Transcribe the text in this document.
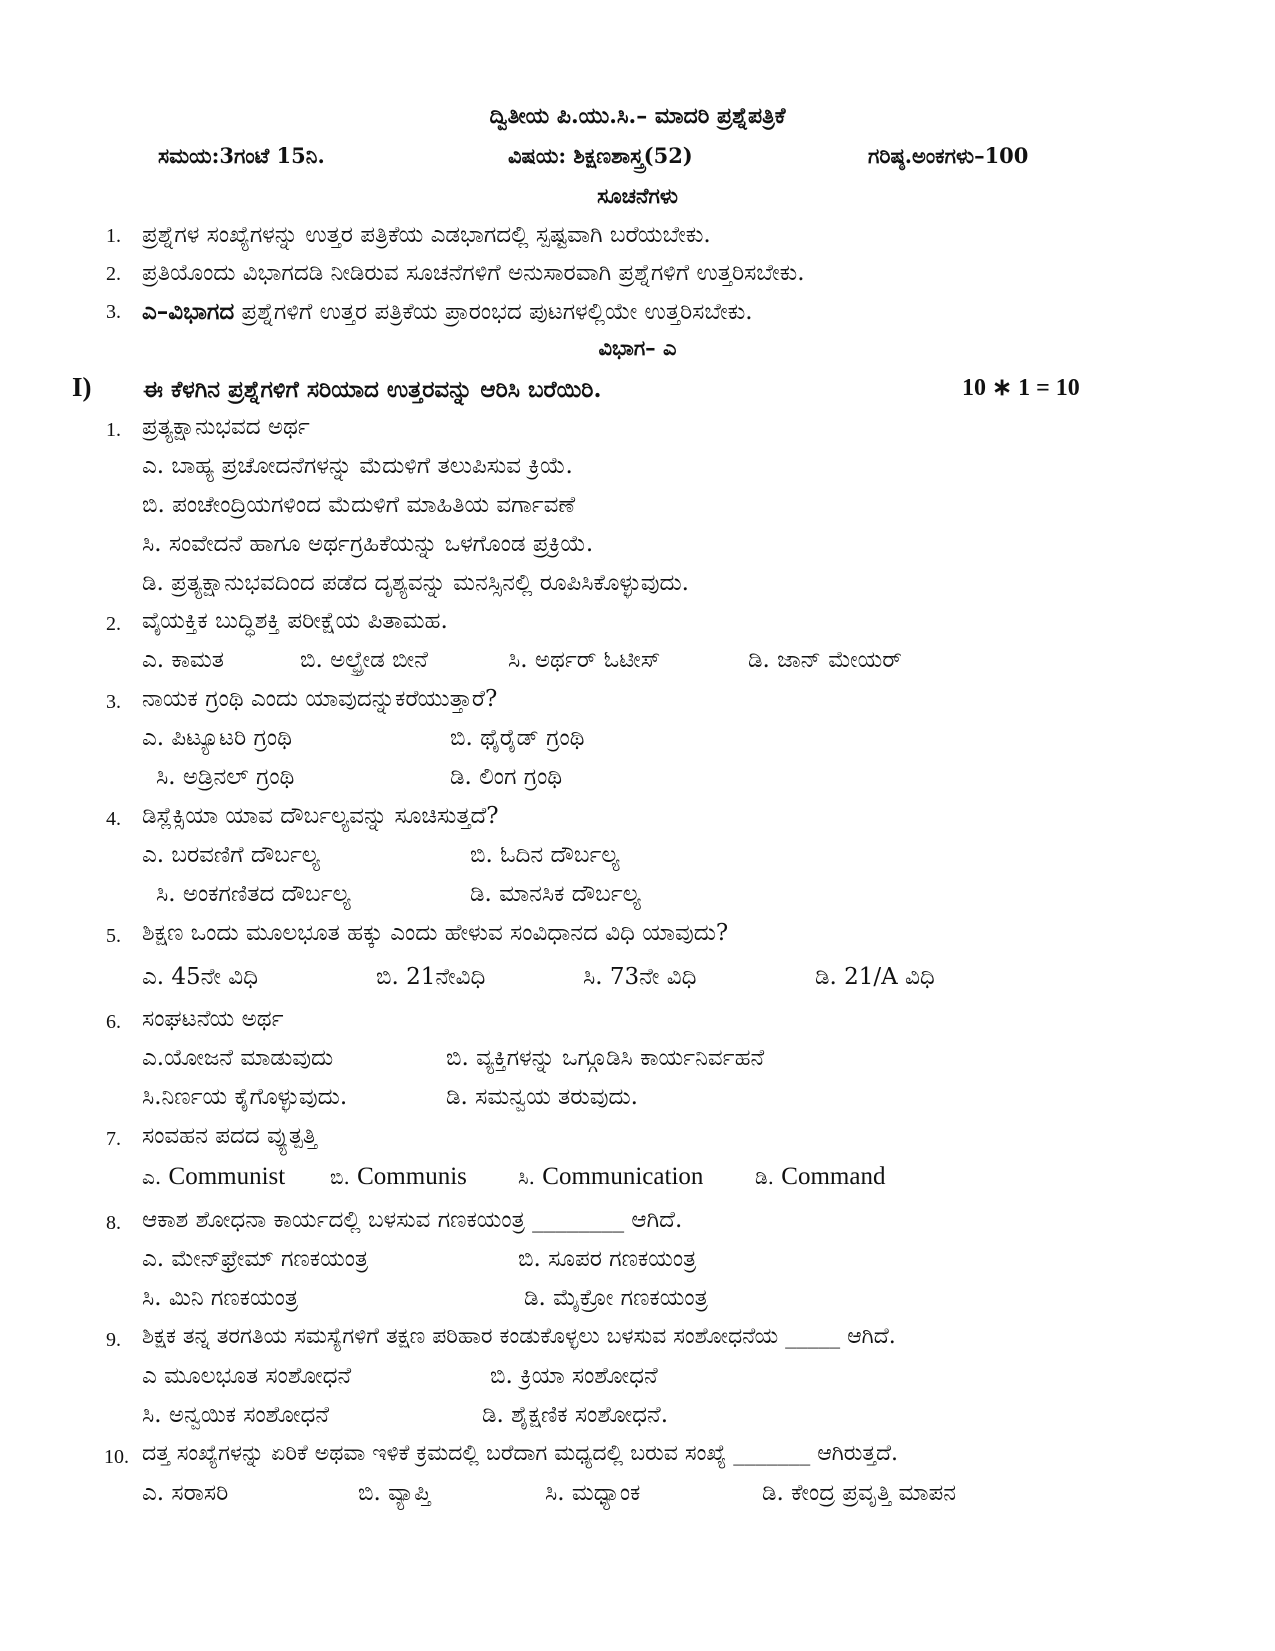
ದ್ವಿತೀಯ ಪಿ.ಯು.ಸಿ.– ಮಾದರಿ ಪ್ರಶ್ನೆಪತ್ರಿಕೆ
ಸಮಯ:3ಗಂಟೆ 15ನಿ.	ವಿಷಯ: ಶಿಕ್ಷಣಶಾಸ್ತ್ರ(52)	ಗರಿಷ್ಠ.ಅಂಕಗಳು–100
ಸೂಚನೆಗಳು
1. ಪ್ರಶ್ನೆಗಳ ಸಂಖ್ಯೆಗಳನ್ನು ಉತ್ತರ ಪತ್ರಿಕೆಯ ಎಡಭಾಗದಲ್ಲಿ ಸ್ಪಷ್ಟವಾಗಿ ಬರೆಯಬೇಕು.
2. ಪ್ರತಿಯೊಂದು ವಿಭಾಗದಡಿ ನೀಡಿರುವ ಸೂಚನೆಗಳಿಗೆ ಅನುಸಾರವಾಗಿ ಪ್ರಶ್ನೆಗಳಿಗೆ ಉತ್ತರಿಸಬೇಕು.
3. ಎ–ವಿಭಾಗದ ಪ್ರಶ್ನೆಗಳಿಗೆ ಉತ್ತರ ಪತ್ರಿಕೆಯ ಪ್ರಾರಂಭದ ಪುಟಗಳಲ್ಲಿಯೇ ಉತ್ತರಿಸಬೇಕು.
ವಿಭಾಗ– ಎ
I) ಈ ಕೆಳಗಿನ ಪ್ರಶ್ನೆಗಳಿಗೆ ಸರಿಯಾದ ಉತ್ತರವನ್ನು ಆರಿಸಿ ಬರೆಯಿರಿ.	10 ∗ 1 = 10
1. ಪ್ರತ್ಯಕ್ಷಾನುಭವದ ಅರ್ಥ
ಎ. ಬಾಹ್ಯ ಪ್ರಚೋದನೆಗಳನ್ನು ಮೆದುಳಿಗೆ ತಲುಪಿಸುವ ಕ್ರಿಯೆ.
ಬಿ. ಪಂಚೇಂದ್ರಿಯಗಳಿಂದ ಮೆದುಳಿಗೆ ಮಾಹಿತಿಯ ವರ್ಗಾವಣೆ
ಸಿ. ಸಂವೇದನೆ ಹಾಗೂ ಅರ್ಥಗ್ರಹಿಕೆಯನ್ನು ಒಳಗೊಂಡ ಪ್ರಕ್ರಿಯೆ.
ಡಿ. ಪ್ರತ್ಯಕ್ಷಾನುಭವದಿಂದ ಪಡೆದ ದೃಶ್ಯವನ್ನು ಮನಸ್ಸಿನಲ್ಲಿ ರೂಪಿಸಿಕೊಳ್ಳುವುದು.
2. ವೈಯಕ್ತಿಕ ಬುದ್ಧಿಶಕ್ತಿ ಪರೀಕ್ಷೆಯ ಪಿತಾಮಹ.
ಎ. ಕಾಮತ	ಬಿ. ಅಲ್ಫ್ರೇಡ ಬೀನೆ	ಸಿ. ಅರ್ಥರ್ ಓಟೀಸ್	ಡಿ. ಜಾನ್ ಮೇಯರ್
3. ನಾಯಕ ಗ್ರಂಥಿ ಎಂದು ಯಾವುದನ್ನುಕರೆಯುತ್ತಾರೆ?
ಎ. ಪಿಟ್ಯೂಟರಿ ಗ್ರಂಥಿ	ಬಿ. ಥೈರೈಡ್ ಗ್ರಂಥಿ
ಸಿ. ಅಡ್ರಿನಲ್ ಗ್ರಂಥಿ	ಡಿ. ಲಿಂಗ ಗ್ರಂಥಿ
4. ಡಿಸ್ಲೆಕ್ಸಿಯಾ ಯಾವ ದೌರ್ಬಲ್ಯವನ್ನು ಸೂಚಿಸುತ್ತದೆ?
ಎ. ಬರವಣಿಗೆ ದೌರ್ಬಲ್ಯ	ಬಿ. ಓದಿನ ದೌರ್ಬಲ್ಯ
ಸಿ. ಅಂಕಗಣಿತದ ದೌರ್ಬಲ್ಯ	ಡಿ. ಮಾನಸಿಕ ದೌರ್ಬಲ್ಯ
5. ಶಿಕ್ಷಣ ಒಂದು ಮೂಲಭೂತ ಹಕ್ಕು ಎಂದು ಹೇಳುವ ಸಂವಿಧಾನದ ವಿಧಿ ಯಾವುದು?
ಎ. 45ನೇ ವಿಧಿ	ಬಿ. 21ನೇವಿಧಿ	ಸಿ. 73ನೇ ವಿಧಿ	ಡಿ. 21/A ವಿಧಿ
6. ಸಂಘಟನೆಯ ಅರ್ಥ
ಎ.ಯೋಜನೆ ಮಾಡುವುದು	ಬಿ. ವ್ಯಕ್ತಿಗಳನ್ನು ಒಗ್ಗೂಡಿಸಿ ಕಾರ್ಯನಿರ್ವಹನೆ
ಸಿ.ನಿರ್ಣಯ ಕೈಗೊಳ್ಳುವುದು.	ಡಿ. ಸಮನ್ವಯ ತರುವುದು.
7. ಸಂವಹನ ಪದದ ವ್ಯುತ್ಪತ್ತಿ
ಎ. Communist ಬಿ. Communis	ಸಿ. Communication	ಡಿ. Command
8. ಆಕಾಶ ಶೋಧನಾ ಕಾರ್ಯದಲ್ಲಿ ಬಳಸುವ ಗಣಕಯಂತ್ರ ________ ಆಗಿದೆ.
ಎ. ಮೇನ್‌ಫ್ರೇಮ್ ಗಣಕಯಂತ್ರ	ಬಿ. ಸೂಪರ ಗಣಕಯಂತ್ರ
ಸಿ. ಮಿನಿ ಗಣಕಯಂತ್ರ	ಡಿ. ಮೈಕ್ರೋ ಗಣಕಯಂತ್ರ
9. ಶಿಕ್ಷಕ ತನ್ನ ತರಗತಿಯ ಸಮಸ್ಯೆಗಳಿಗೆ ತಕ್ಷಣ ಪರಿಹಾರ ಕಂಡುಕೊಳ್ಳಲು ಬಳಸುವ ಸಂಶೋಧನೆಯ _____ ಆಗಿದೆ.
ಎ ಮೂಲಭೂತ ಸಂಶೋಧನೆ	ಬಿ. ಕ್ರಿಯಾ ಸಂಶೋಧನೆ
ಸಿ. ಅನ್ವಯಿಕ ಸಂಶೋಧನೆ	ಡಿ. ಶೈಕ್ಷಣಿಕ ಸಂಶೋಧನೆ.
10. ದತ್ತ ಸಂಖ್ಯೆಗಳನ್ನು ಏರಿಕೆ ಅಥವಾ ಇಳಿಕೆ ಕ್ರಮದಲ್ಲಿ ಬರೆದಾಗ ಮಧ್ಯದಲ್ಲಿ ಬರುವ ಸಂಖ್ಯೆ _______ ಆಗಿರುತ್ತದೆ.
ಎ. ಸರಾಸರಿ	ಬಿ. ವ್ಯಾಪ್ತಿ	ಸಿ. ಮಧ್ಯಾಂಕ	ಡಿ. ಕೇಂದ್ರ ಪ್ರವೃತ್ತಿ ಮಾಪನ
